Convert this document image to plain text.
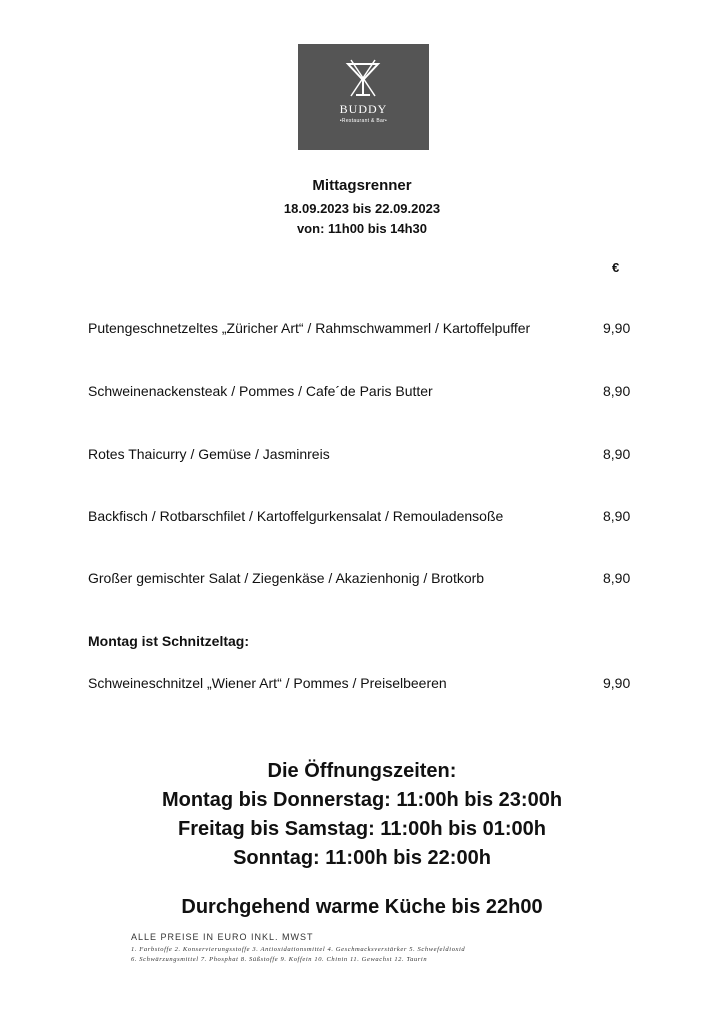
BUDDY
•Restaurant & Bar•
Mittagsrenner
18.09.2023 bis 22.09.2023
von: 11h00 bis 14h30
€
Putengeschnetzeltes „Züricher Art“ / Rahmschwammerl / Kartoffelpuffer	9,90
Schweinenackensteak / Pommes / Cafe´de Paris Butter	8,90
Rotes Thaicurry / Gemüse / Jasminreis	8,90
Backfisch / Rotbarschfilet / Kartoffelgurkensalat / Remouladensoße	8,90
Großer gemischter Salat / Ziegenkäse / Akazienhonig / Brotkorb	8,90
Montag ist Schnitzeltag:
Schweineschnitzel „Wiener Art“ / Pommes / Preiselbeeren	9,90
Die Öffnungszeiten:
Montag bis Donnerstag: 11:00h bis 23:00h
Freitag bis Samstag: 11:00h bis 01:00h
Sonntag: 11:00h bis 22:00h
Durchgehend warme Küche bis 22h00
ALLE PREISE IN EURO INKL. MWST
1. Farbstoffe 2. Konservierungsstoffe 3. Antioxidationsmittel 4. Geschmacksverstärker 5. Schwefeldioxid
6. Schwärzungsmittel 7. Phosphat 8. Süßstoffe 9. Koffein 10. Chinin 11. Gewachst 12. Taurin
